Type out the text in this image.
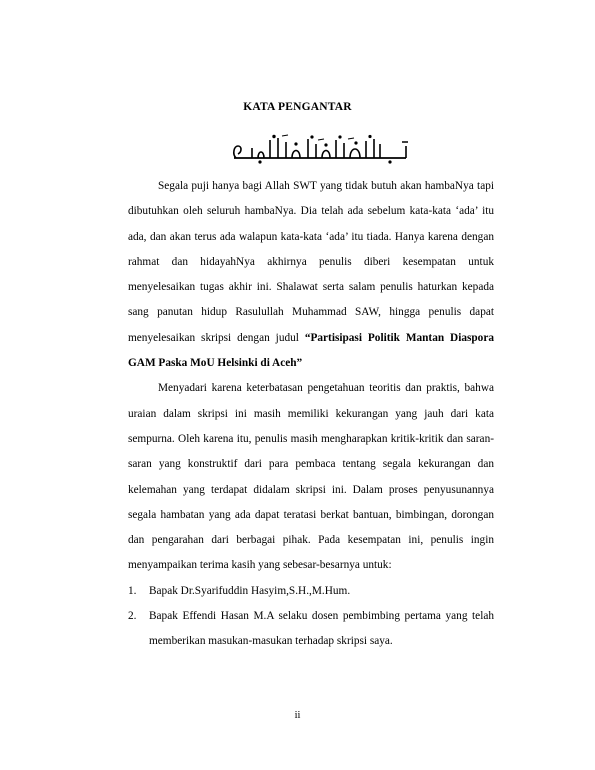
KATA PENGANTAR

Segala puji hanya bagi Allah SWT yang tidak butuh akan hambaNya tapi dibutuhkan oleh seluruh hambaNya. Dia telah ada sebelum kata-kata ‘ada’ itu ada, dan akan terus ada walapun kata-kata ‘ada’ itu tiada. Hanya karena dengan rahmat dan hidayahNya akhirnya penulis diberi kesempatan untuk menyelesaikan tugas akhir ini. Shalawat serta salam penulis haturkan kepada sang panutan hidup Rasulullah Muhammad SAW, hingga penulis dapat menyelesaikan skripsi dengan judul “Partisipasi Politik Mantan Diaspora GAM Paska MoU Helsinki di Aceh”

Menyadari karena keterbatasan pengetahuan teoritis dan praktis, bahwa uraian dalam skripsi ini masih memiliki kekurangan yang jauh dari kata sempurna. Oleh karena itu, penulis masih mengharapkan kritik-kritik dan saran-saran yang konstruktif dari para pembaca tentang segala kekurangan dan kelemahan yang terdapat didalam skripsi ini. Dalam proses penyusunannya segala hambatan yang ada dapat teratasi berkat bantuan, bimbingan, dorongan dan pengarahan dari berbagai pihak. Pada kesempatan ini, penulis ingin menyampaikan terima kasih yang sebesar-besarnya untuk:

1. Bapak Dr.Syarifuddin Hasyim,S.H.,M.Hum.
2. Bapak Effendi Hasan M.A selaku dosen pembimbing pertama yang telah memberikan masukan-masukan terhadap skripsi saya.
ii
